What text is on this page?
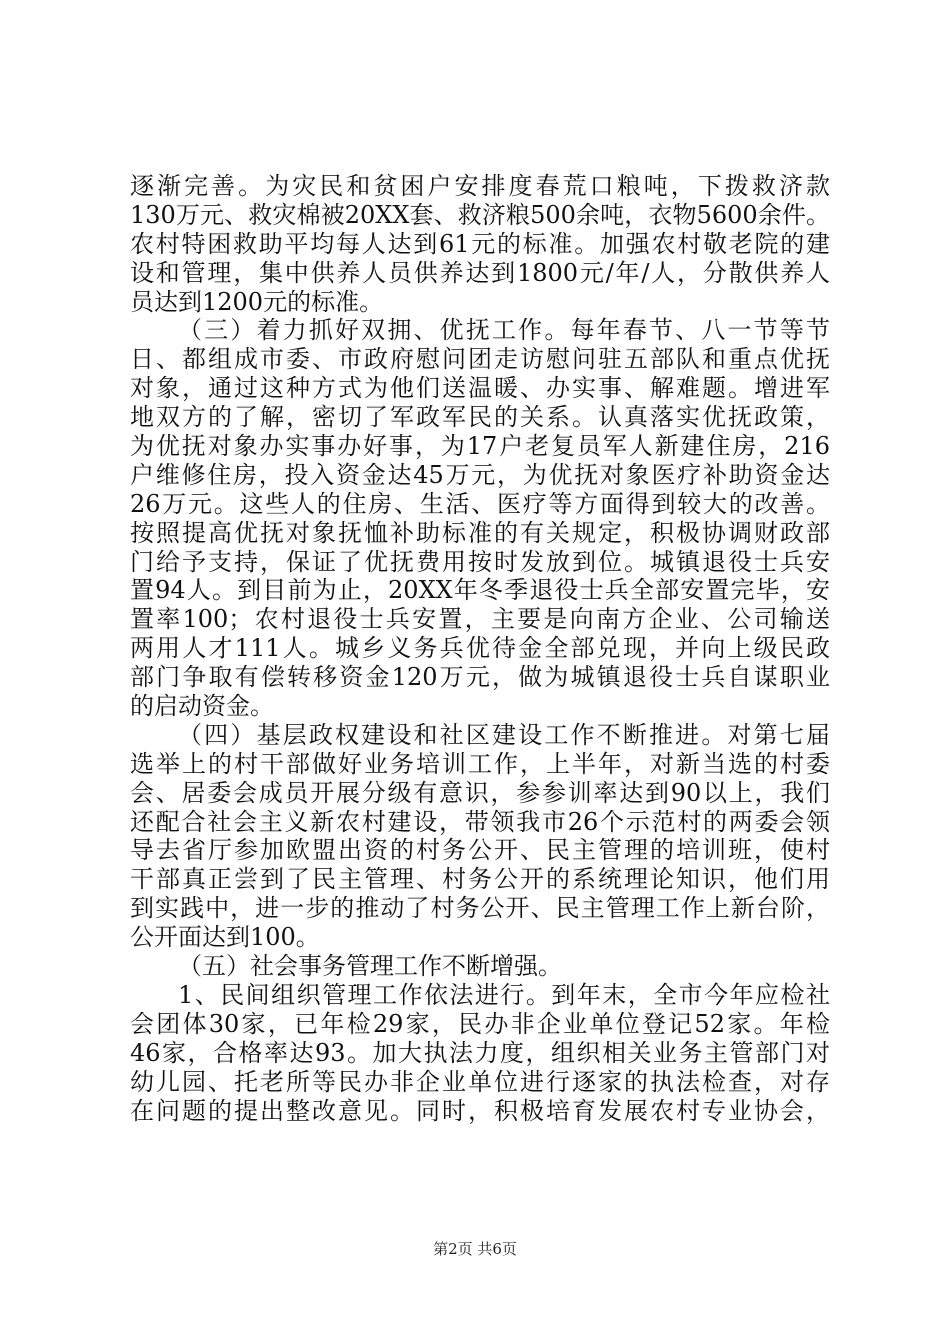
逐渐完善。为灾民和贫困户安排度春荒口粮吨，下拨救济款
130万元、救灾棉被20XX套、救济粮500余吨，衣物5600余件。
农村特困救助平均每人达到61元的标准。加强农村敬老院的建
设和管理，集中供养人员供养达到1800元/年/人，分散供养人
员达到1200元的标准。
（三）着力抓好双拥、优抚工作。每年春节、八一节等节
日、都组成市委、市政府慰问团走访慰问驻五部队和重点优抚
对象，通过这种方式为他们送温暖、办实事、解难题。增进军
地双方的了解，密切了军政军民的关系。认真落实优抚政策，
为优抚对象办实事办好事，为17户老复员军人新建住房，216
户维修住房，投入资金达45万元，为优抚对象医疗补助资金达
26万元。这些人的住房、生活、医疗等方面得到较大的改善。
按照提高优抚对象抚恤补助标准的有关规定，积极协调财政部
门给予支持，保证了优抚费用按时发放到位。城镇退役士兵安
置94人。到目前为止，20XX年冬季退役士兵全部安置完毕，安
置率100；农村退役士兵安置，主要是向南方企业、公司输送
两用人才111人。城乡义务兵优待金全部兑现，并向上级民政
部门争取有偿转移资金120万元，做为城镇退役士兵自谋职业
的启动资金。
（四）基层政权建设和社区建设工作不断推进。对第七届
选举上的村干部做好业务培训工作，上半年，对新当选的村委
会、居委会成员开展分级有意识，参参训率达到90以上，我们
还配合社会主义新农村建设，带领我市26个示范村的两委会领
导去省厅参加欧盟出资的村务公开、民主管理的培训班，使村
干部真正尝到了民主管理、村务公开的系统理论知识，他们用
到实践中，进一步的推动了村务公开、民主管理工作上新台阶，
公开面达到100。
（五）社会事务管理工作不断增强。
1、民间组织管理工作依法进行。到年末，全市今年应检社
会团体30家，已年检29家，民办非企业单位登记52家。年检
46家，合格率达93。加大执法力度，组织相关业务主管部门对
幼儿园、托老所等民办非企业单位进行逐家的执法检查，对存
在问题的提出整改意见。同时，积极培育发展农村专业协会，
第2页 共6页
